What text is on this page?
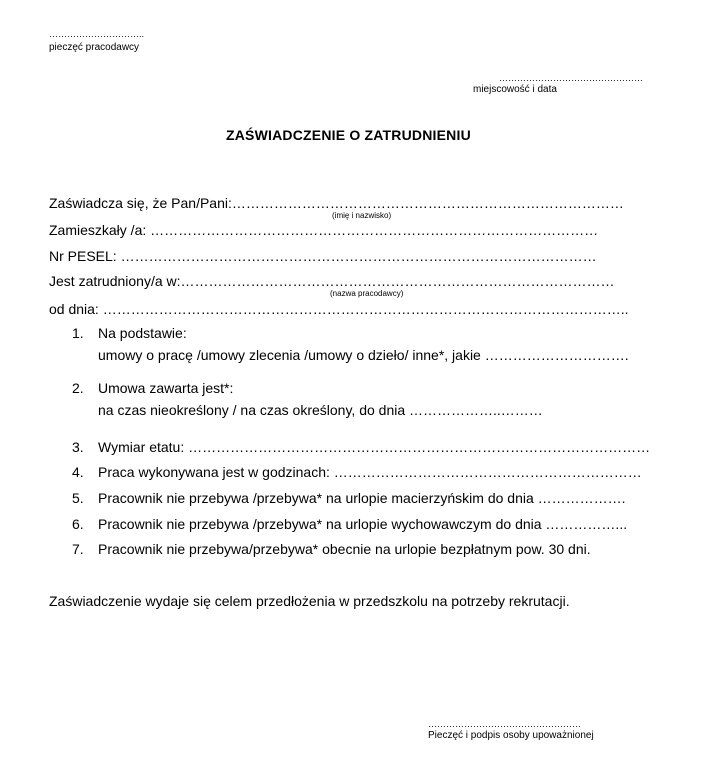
…………………………..
pieczęć pracodawcy
…………………………………………
miejscowość i data
ZAŚWIADCZENIE O ZATRUDNIENIU
Zaświadcza się, że Pan/Pani:…………………………………………………………………………
(imię i nazwisko)
Zamieszkały /a: ……………………………………………………………………………………
Nr PESEL: …………………………………………………………………………………………
Jest zatrudniony/a w:…………………………………………………………………………………
(nazwa pracodawcy)
od dnia: …………………………………………………………………………………………………..
1. Na podstawie:
umowy o pracę /umowy zlecenia /umowy o dzieło/ inne*, jakie ………………………….
2. Umowa zawarta jest*:
na czas nieokreślony / na czas określony, do dnia ………………..………
3. Wymiar etatu: ………………………………………………………………………………………
4. Praca wykonywana jest w godzinach: …………………………………………………………
5. Pracownik nie przebywa /przebywa* na urlopie macierzyńskim do dnia ……………….
6. Pracownik nie przebywa /przebywa* na urlopie wychowawczym do dnia ……………...
7. Pracownik nie przebywa/przebywa* obecnie na urlopie bezpłatnym pow. 30 dni.
Zaświadczenie wydaje się celem przedłożenia w przedszkolu na potrzeby rekrutacji.
……………………………………………
Pieczęć i podpis osoby upoważnionej
